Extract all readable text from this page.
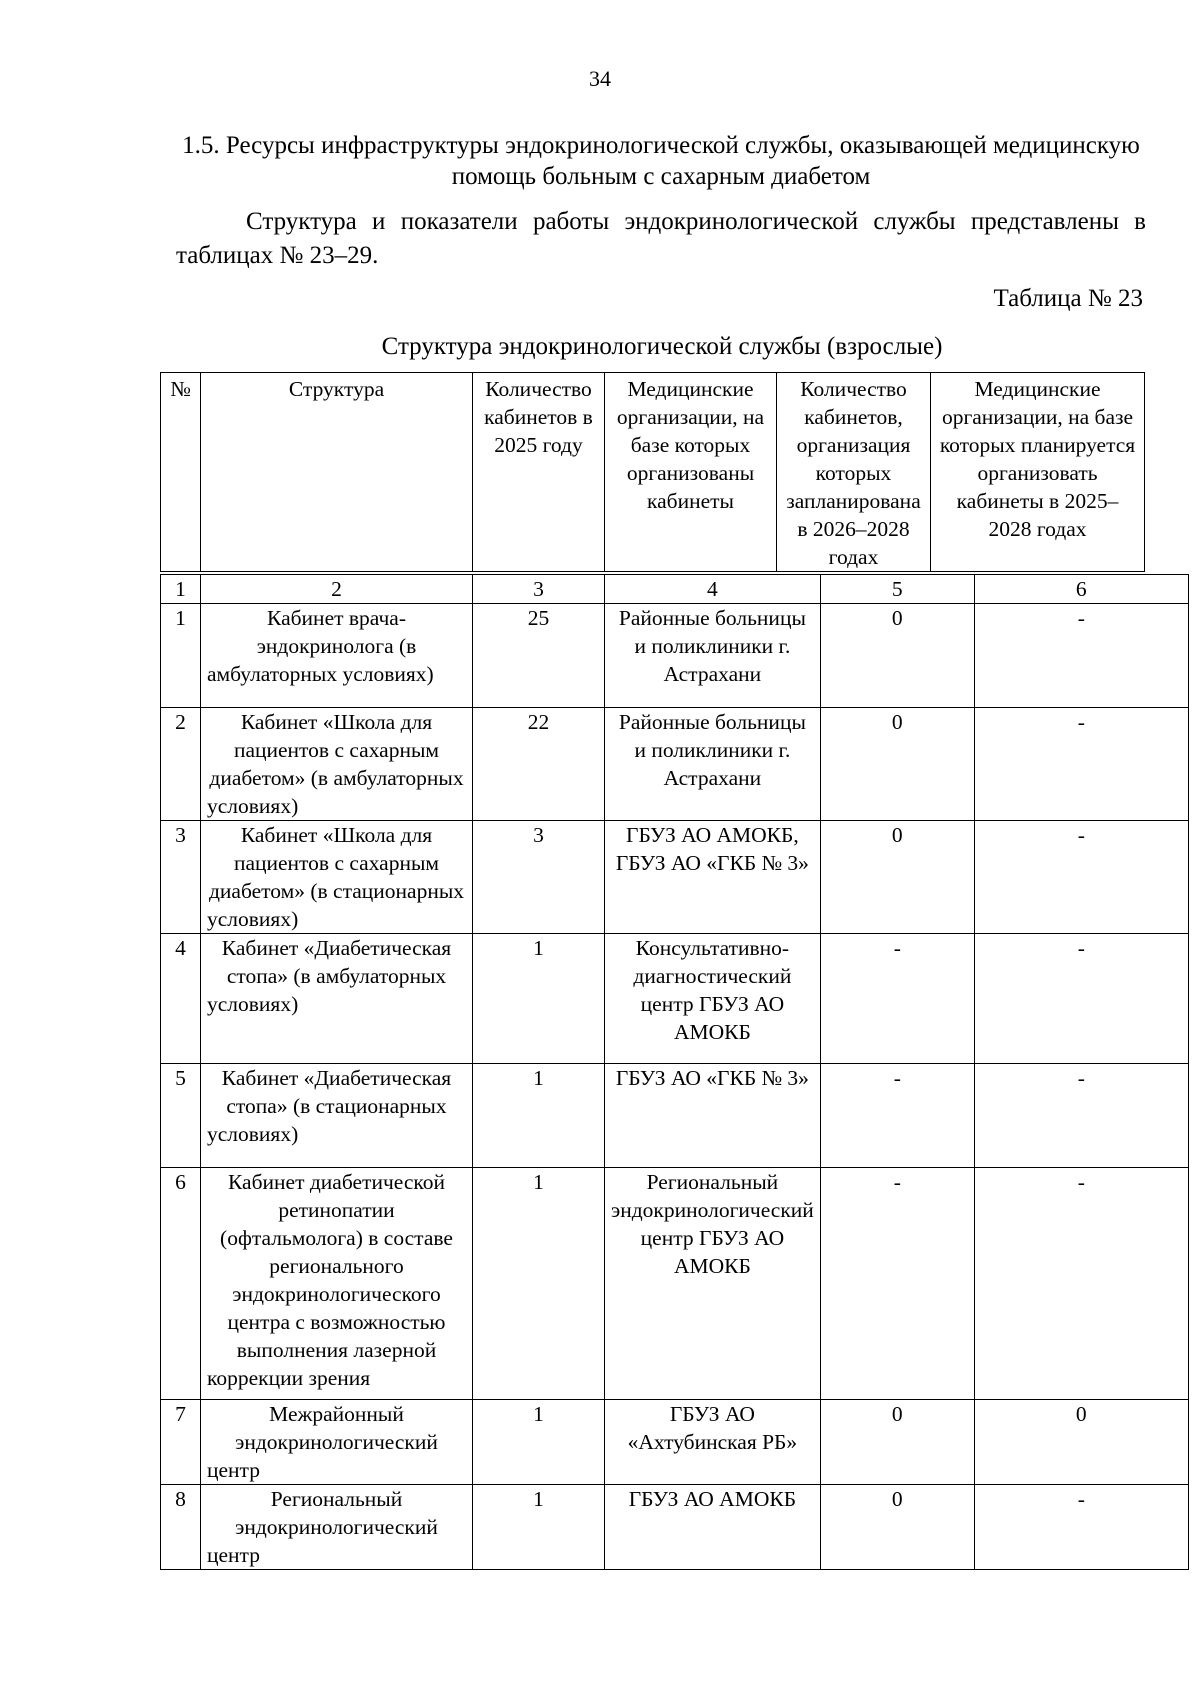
34
1.5. Ресурсы инфраструктуры эндокринологической службы, оказывающей медицинскую помощь больным с сахарным диабетом
Структура и показатели работы эндокринологической службы представлены в таблицах № 23–29.
Таблица № 23
Структура эндокринологической службы (взрослые)
№	Структура	Количество кабинетов в 2025 году	Медицинские организации, на базе которых организованы кабинеты	Количество кабинетов, организация которых запланирована в 2026–2028 годах	Медицинские организации, на базе которых планируется организовать кабинеты в 2025–2028 годах
1	2	3	4	5	6
1	Кабинет врача-эндокринолога (в амбулаторных условиях)	25	Районные больницы и поликлиники г. Астрахани	0	-
2	Кабинет «Школа для пациентов с сахарным диабетом» (в амбулаторных условиях)	22	Районные больницы и поликлиники г. Астрахани	0	-
3	Кабинет «Школа для пациентов с сахарным диабетом» (в стационарных условиях)	3	ГБУЗ АО АМОКБ, ГБУЗ АО «ГКБ № 3»	0	-
4	Кабинет «Диабетическая стопа» (в амбулаторных условиях)	1	Консультативно-диагностический центр ГБУЗ АО АМОКБ	-	-
5	Кабинет «Диабетическая стопа» (в стационарных условиях)	1	ГБУЗ АО «ГКБ № 3»	-	-
6	Кабинет диабетической ретинопатии (офтальмолога) в составе регионального эндокринологического центра с возможностью выполнения лазерной коррекции зрения	1	Региональный эндокринологический центр ГБУЗ АО АМОКБ	-	-
7	Межрайонный эндокринологический центр	1	ГБУЗ АО «Ахтубинская РБ»	0	0
8	Региональный эндокринологический центр	1	ГБУЗ АО АМОКБ	0	-
